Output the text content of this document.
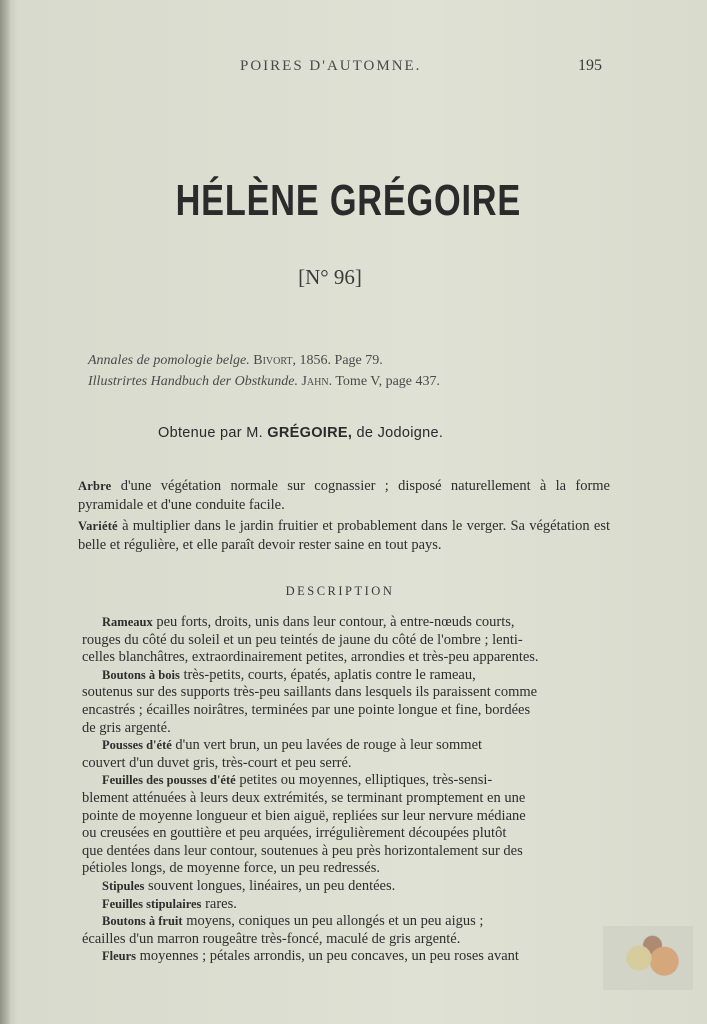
POIRES D'AUTOMNE.	195
HÉLÈNE GRÉGOIRE
[N° 96]
Annales de pomologie belge. Bivort, 1856. Page 79.
Illustrirtes Handbuch der Obstkunde. Jahn. Tome V, page 437.
Obtenue par M. GRÉGOIRE, de Jodoigne.
Arbre d'une végétation normale sur cognassier ; disposé naturellement à la forme pyramidale et d'une conduite facile.
Variété à multiplier dans le jardin fruitier et probablement dans le verger. Sa végétation est belle et régulière, et elle paraît devoir rester saine en tout pays.
DESCRIPTION
Rameaux peu forts, droits, unis dans leur contour, à entre-nœuds courts,
rouges du côté du soleil et un peu teintés de jaune du côté de l'ombre ; lenti-
celles blanchâtres, extraordinairement petites, arrondies et très-peu apparentes.
Boutons à bois très-petits, courts, épatés, aplatis contre le rameau,
soutenus sur des supports très-peu saillants dans lesquels ils paraissent comme
encastrés ; écailles noirâtres, terminées par une pointe longue et fine, bordées
de gris argenté.
Pousses d'été d'un vert brun, un peu lavées de rouge à leur sommet
couvert d'un duvet gris, très-court et peu serré.
Feuilles des pousses d'été petites ou moyennes, elliptiques, très-sensi-
blement atténuées à leurs deux extrémités, se terminant promptement en une
pointe de moyenne longueur et bien aiguë, repliées sur leur nervure médiane
ou creusées en gouttière et peu arquées, irrégulièrement découpées plutôt
que dentées dans leur contour, soutenues à peu près horizontalement sur des
pétioles longs, de moyenne force, un peu redressés.
Stipules souvent longues, linéaires, un peu dentées.
Feuilles stipulaires rares.
Boutons à fruit moyens, coniques un peu allongés et un peu aigus ;
écailles d'un marron rougeâtre très-foncé, maculé de gris argenté.
Fleurs moyennes ; pétales arrondis, un peu concaves, un peu roses avant
